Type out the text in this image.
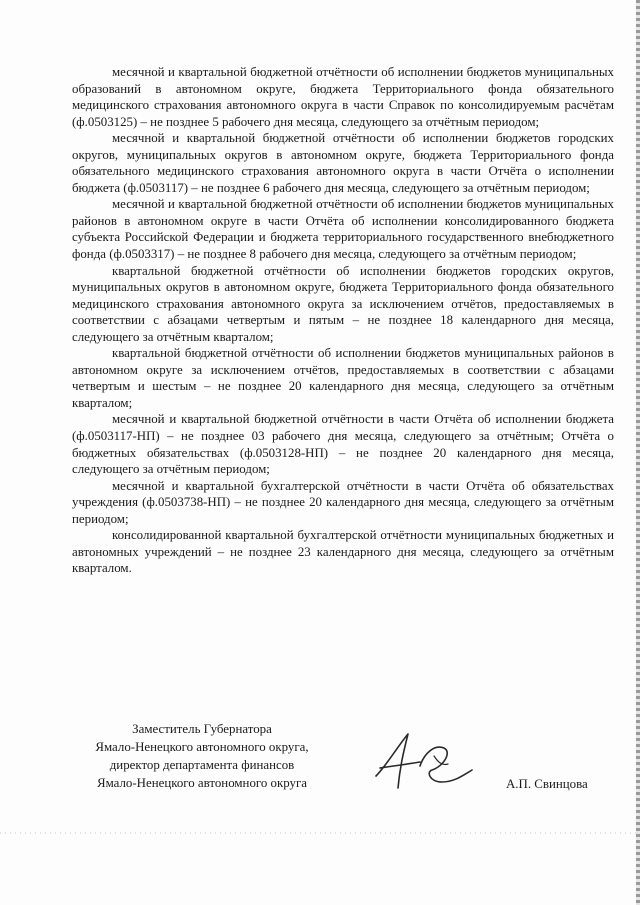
месячной и квартальной бюджетной отчётности об исполнении бюджетов муниципальных образований в автономном округе, бюджета Территориального фонда обязательного медицинского страхования автономного округа в части Справок по консолидируемым расчётам (ф.0503125) – не позднее 5 рабочего дня месяца, следующего за отчётным периодом;

месячной и квартальной бюджетной отчётности об исполнении бюджетов городских округов, муниципальных округов в автономном округе, бюджета Территориального фонда обязательного медицинского страхования автономного округа в части Отчёта о исполнении бюджета (ф.0503117) – не позднее 6 рабочего дня месяца, следующего за отчётным периодом;

месячной и квартальной бюджетной отчётности об исполнении бюджетов муниципальных районов в автономном округе в части Отчёта об исполнении консолидированного бюджета субъекта Российской Федерации и бюджета территориального государственного внебюджетного фонда (ф.0503317) – не позднее 8 рабочего дня месяца, следующего за отчётным периодом;

квартальной бюджетной отчётности об исполнении бюджетов городских округов, муниципальных округов в автономном округе, бюджета Территориального фонда обязательного медицинского страхования автономного округа за исключением отчётов, предоставляемых в соответствии с абзацами четвертым и пятым – не позднее 18 календарного дня месяца, следующего за отчётным кварталом;

квартальной бюджетной отчётности об исполнении бюджетов муниципальных районов в автономном округе за исключением отчётов, предоставляемых в соответствии с абзацами четвертым и шестым – не позднее 20 календарного дня месяца, следующего за отчётным кварталом;

месячной и квартальной бюджетной отчётности в части Отчёта об исполнении бюджета (ф.0503117-НП) – не позднее 03 рабочего дня месяца, следующего за отчётным; Отчёта о бюджетных обязательствах (ф.0503128-НП) – не позднее 20 календарного дня месяца, следующего за отчётным периодом;

месячной и квартальной бухгалтерской отчётности в части Отчёта об обязательствах учреждения (ф.0503738-НП) – не позднее 20 календарного дня месяца, следующего за отчётным периодом;

консолидированной квартальной бухгалтерской отчётности муниципальных бюджетных и автономных учреждений – не позднее 23 календарного дня месяца, следующего за отчётным кварталом.

Заместитель Губернатора
Ямало-Ненецкого автономного округа,
директор департамента финансов
Ямало-Ненецкого автономного округа	А.П. Свинцова
